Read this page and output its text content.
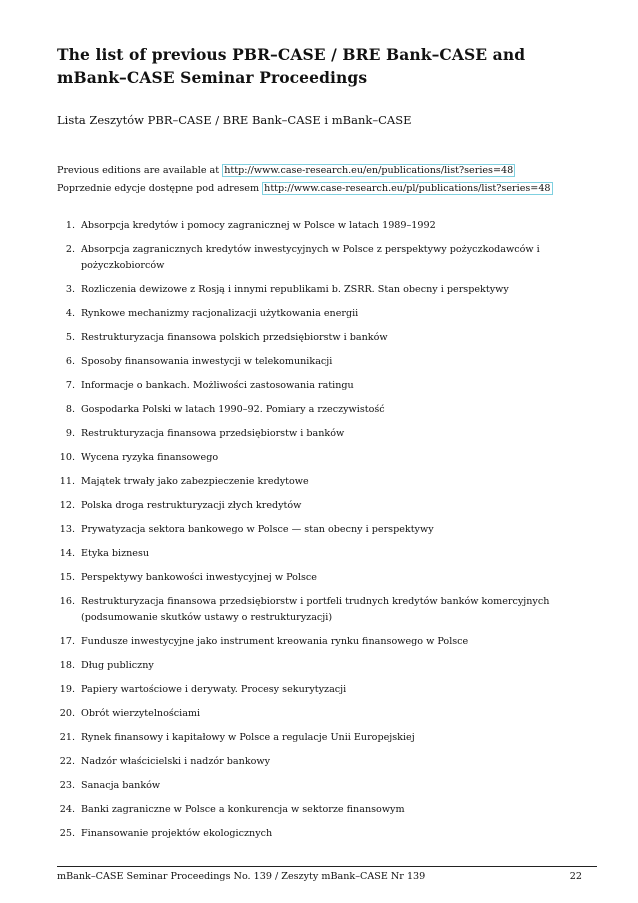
The list of previous PBR–CASE / BRE Bank–CASE and mBank–CASE Seminar Proceedings

Lista Zeszytów PBR–CASE / BRE Bank–CASE i mBank–CASE

Previous editions are available at http://www.case-research.eu/en/publications/list?series=48
Poprzednie edycje dostępne pod adresem http://www.case-research.eu/pl/publications/list?series=48
1. Absorpcja kredytów i pomocy zagranicznej w Polsce w latach 1989–1992
2. Absorpcja zagranicznych kredytów inwestycyjnych w Polsce z perspektywy pożyczkodawców i pożyczkobiorców
3. Rozliczenia dewizowe z Rosją i innymi republikami b. ZSRR. Stan obecny i perspektywy
4. Rynkowe mechanizmy racjonalizacji użytkowania energii
5. Restrukturyzacja finansowa polskich przedsiębiorstw i banków
6. Sposoby finansowania inwestycji w telekomunikacji
7. Informacje o bankach. Możliwości zastosowania ratingu
8. Gospodarka Polski w latach 1990–92. Pomiary a rzeczywistość
9. Restrukturyzacja finansowa przedsiębiorstw i banków
10. Wycena ryzyka finansowego
11. Majątek trwały jako zabezpieczenie kredytowe
12. Polska droga restrukturyzacji złych kredytów
13. Prywatyzacja sektora bankowego w Polsce — stan obecny i perspektywy
14. Etyka biznesu
15. Perspektywy bankowości inwestycyjnej w Polsce
16. Restrukturyzacja finansowa przedsiębiorstw i portfeli trudnych kredytów banków komercyjnych (podsumowanie skutków ustawy o restrukturyzacji)
17. Fundusze inwestycyjne jako instrument kreowania rynku finansowego w Polsce
18. Dług publiczny
19. Papiery wartościowe i derywaty. Procesy sekurytyzacji
20. Obrót wierzytelnościami
21. Rynek finansowy i kapitałowy w Polsce a regulacje Unii Europejskiej
22. Nadzór właścicielski i nadzór bankowy
23. Sanacja banków
24. Banki zagraniczne w Polsce a konkurencja w sektorze finansowym
25. Finansowanie projektów ekologicznych
mBank–CASE Seminar Proceedings No. 139 / Zeszyty mBank–CASE Nr 139	22
